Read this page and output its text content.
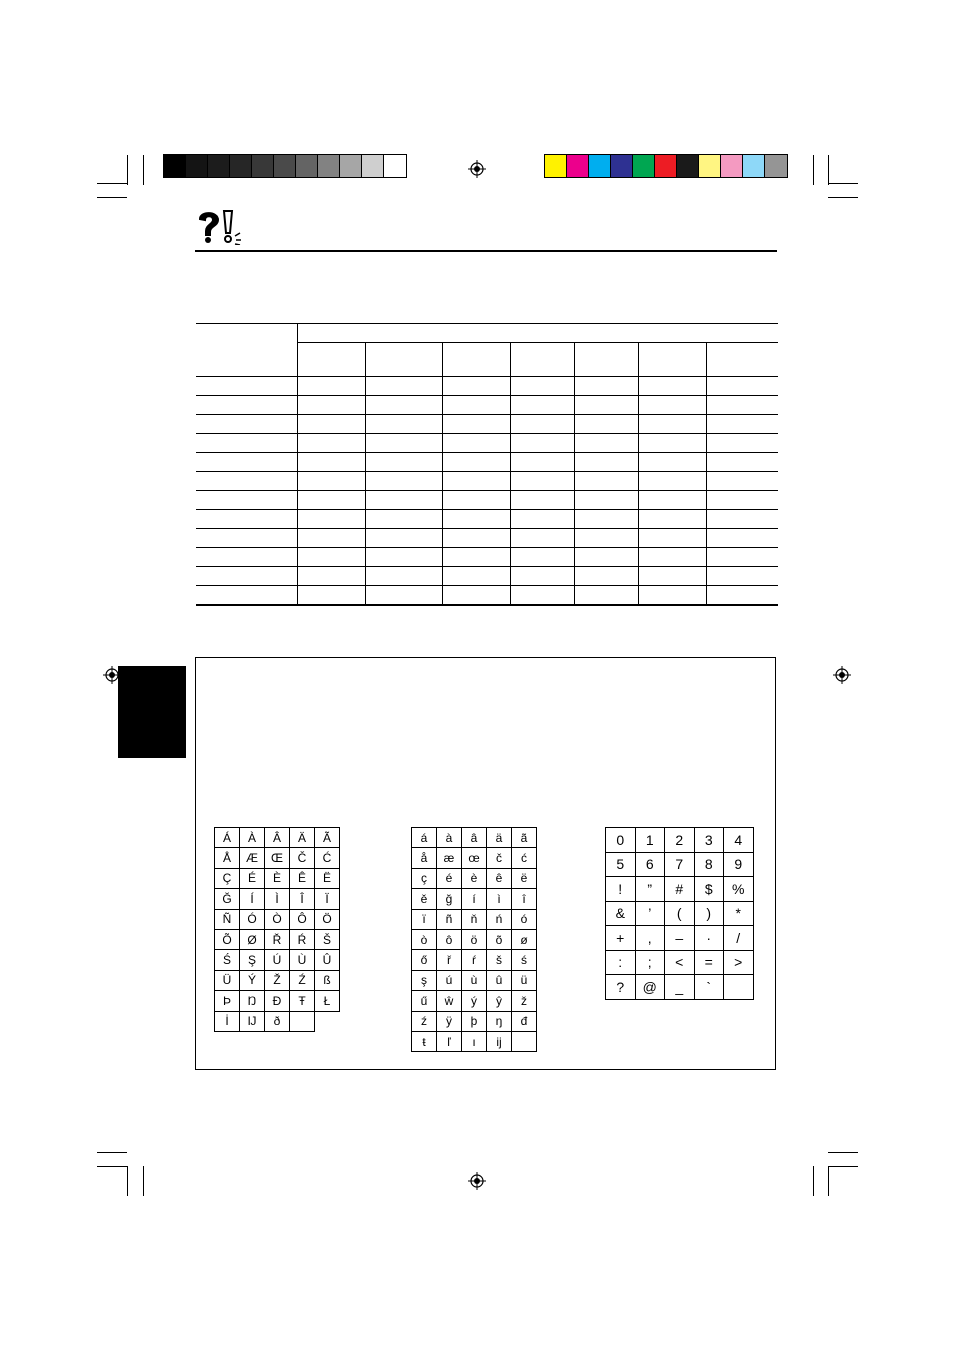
Á	À	Â	Ä	Ã
Å	Æ	Œ	Č	Ć
Ç	É	È	Ê	Ë
Ğ	Í	Ì	Î	Ï
Ñ	Ó	Ò	Ô	Ö
Õ	Ø	Ř	Ŕ	Š
Ś	Ş	Ú	Ù	Û
Ü	Ý	Ž	Ź	ß
Þ	Ŋ	Đ	Ŧ	Ł
İ	Ĳ	ð
á	à	â	ä	ã
å	æ	œ	č	ć
ç	é	è	ê	ë
ě	ğ	í	ì	î
ï	ñ	ň	ń	ó
ò	ô	ö	õ	ø
ő	ř	ŕ	š	ś
ş	ú	ù	û	ü
ű	ŵ	ý	ŷ	ž
ź	ÿ	þ	ŋ	đ
ŧ	ľ	ı	ĳ
0	1	2	3	4
5	6	7	8	9
!	”	#	$	%
&	’	(	)	*
+	,	–	·	/
:	;	<	=	>
?	@	_	`
